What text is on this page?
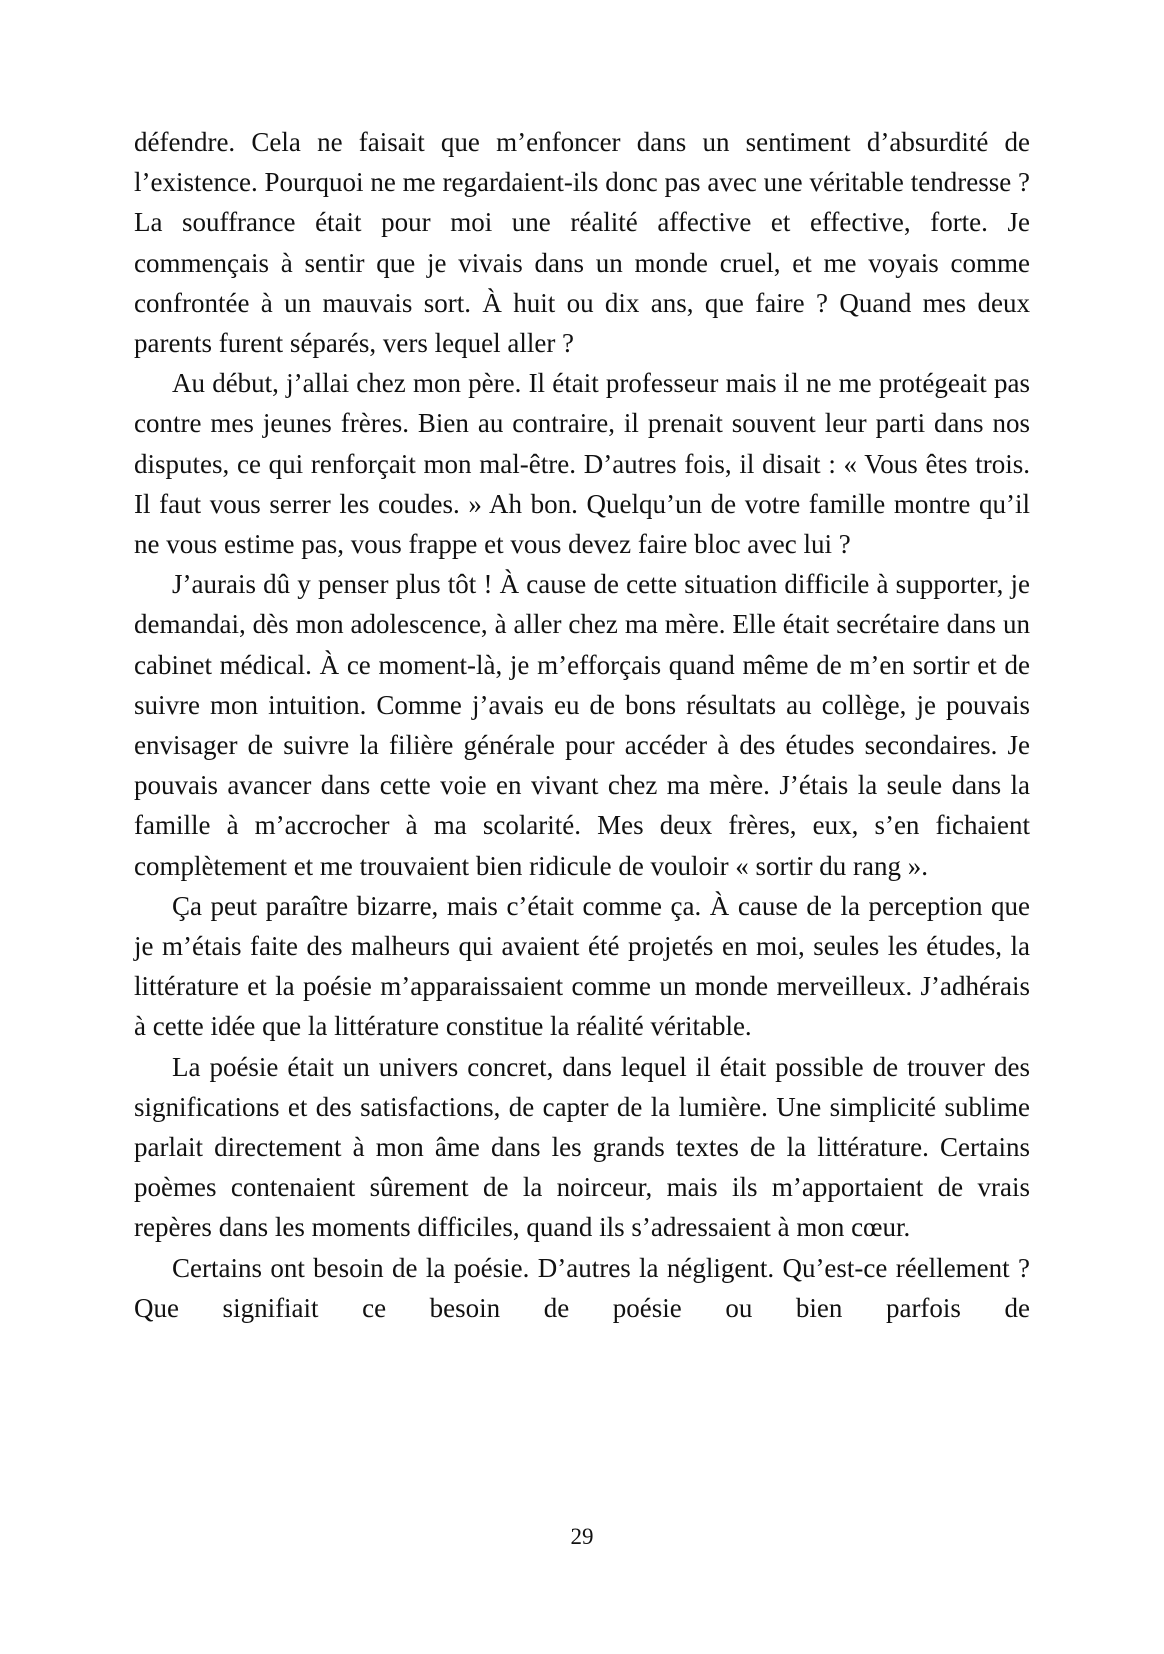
défendre. Cela ne faisait que m’enfoncer dans un sentiment d’absurdité de l’existence. Pourquoi ne me regardaient-ils donc pas avec une véritable tendresse ? La souffrance était pour moi une réalité affective et effective, forte. Je commençais à sentir que je vivais dans un monde cruel, et me voyais comme confrontée à un mauvais sort. À huit ou dix ans, que faire ? Quand mes deux parents furent séparés, vers lequel aller ?

Au début, j’allai chez mon père. Il était professeur mais il ne me protégeait pas contre mes jeunes frères. Bien au contraire, il prenait souvent leur parti dans nos disputes, ce qui renforçait mon mal-être. D’autres fois, il disait : « Vous êtes trois. Il faut vous serrer les coudes. » Ah bon. Quelqu’un de votre famille montre qu’il ne vous estime pas, vous frappe et vous devez faire bloc avec lui ?

J’aurais dû y penser plus tôt ! À cause de cette situation difficile à supporter, je demandai, dès mon adolescence, à aller chez ma mère. Elle était secrétaire dans un cabinet médical. À ce moment-là, je m’efforçais quand même de m’en sortir et de suivre mon intuition. Comme j’avais eu de bons résultats au collège, je pouvais envisager de suivre la filière générale pour accéder à des études secondaires. Je pouvais avancer dans cette voie en vivant chez ma mère. J’étais la seule dans la famille à m’accrocher à ma scolarité. Mes deux frères, eux, s’en fichaient complètement et me trouvaient bien ridicule de vouloir « sortir du rang ».

Ça peut paraître bizarre, mais c’était comme ça. À cause de la perception que je m’étais faite des malheurs qui avaient été projetés en moi, seules les études, la littérature et la poésie m’apparaissaient comme un monde merveilleux. J’adhérais à cette idée que la littérature constitue la réalité véritable.

La poésie était un univers concret, dans lequel il était possible de trouver des significations et des satisfactions, de capter de la lumière. Une simplicité sublime parlait directement à mon âme dans les grands textes de la littérature. Certains poèmes contenaient sûrement de la noirceur, mais ils m’apportaient de vrais repères dans les moments difficiles, quand ils s’adressaient à mon cœur.

Certains ont besoin de la poésie. D’autres la négligent. Qu’est-ce réellement ? Que signifiait ce besoin de poésie ou bien parfois de

29
